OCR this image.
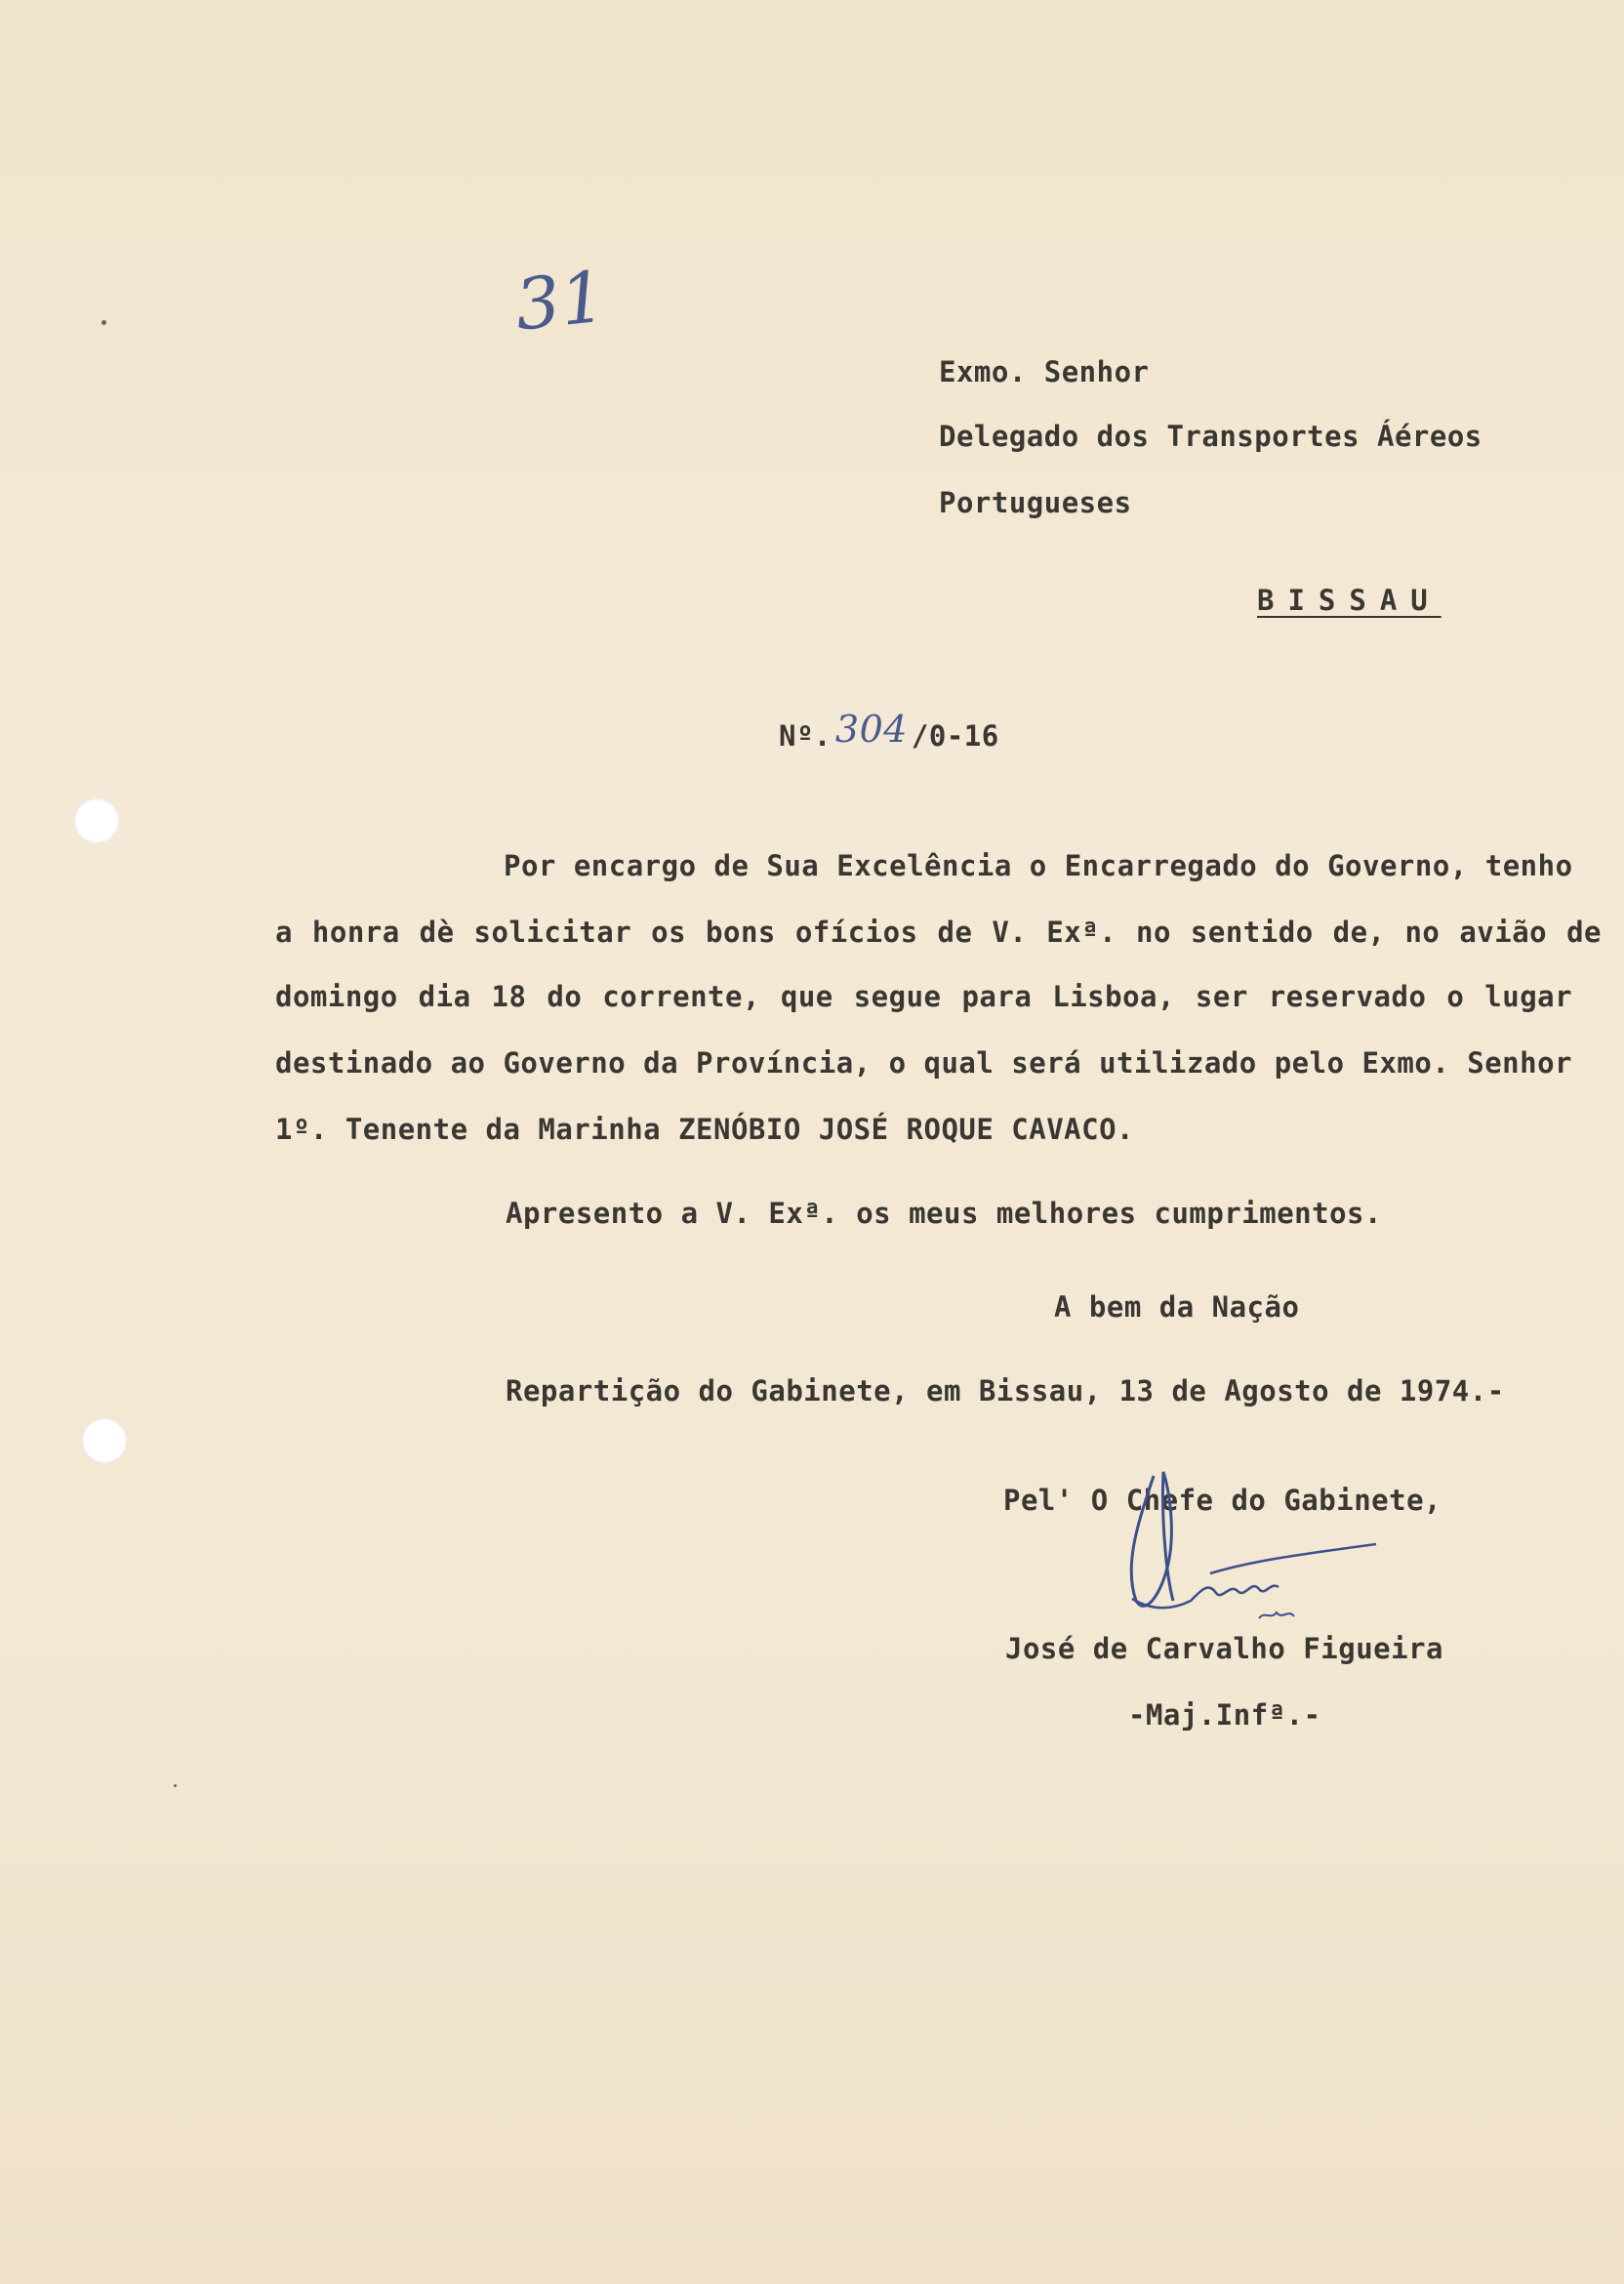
31
Exmo. Senhor
Delegado dos Transportes Áéreos
Portugueses
BISSAU
Nº. 304 /0-16
Por encargo de Sua Excelência o Encarregado do Governo, tenho
a honra dè solicitar os bons ofícios de V. Exª. no sentido de, no avião de
domingo dia 18 do corrente, que segue para Lisboa, ser reservado o lugar
destinado ao Governo da Província, o qual será utilizado pelo Exmo. Senhor
1º. Tenente da Marinha ZENÓBIO JOSÉ ROQUE CAVACO.
Apresento a V. Exª. os meus melhores cumprimentos.
A bem da Nação
Repartição do Gabinete, em Bissau, 13 de Agosto de 1974.-
Pel' O Chefe do Gabinete,
José de Carvalho Figueira
-Maj.Infª.-
